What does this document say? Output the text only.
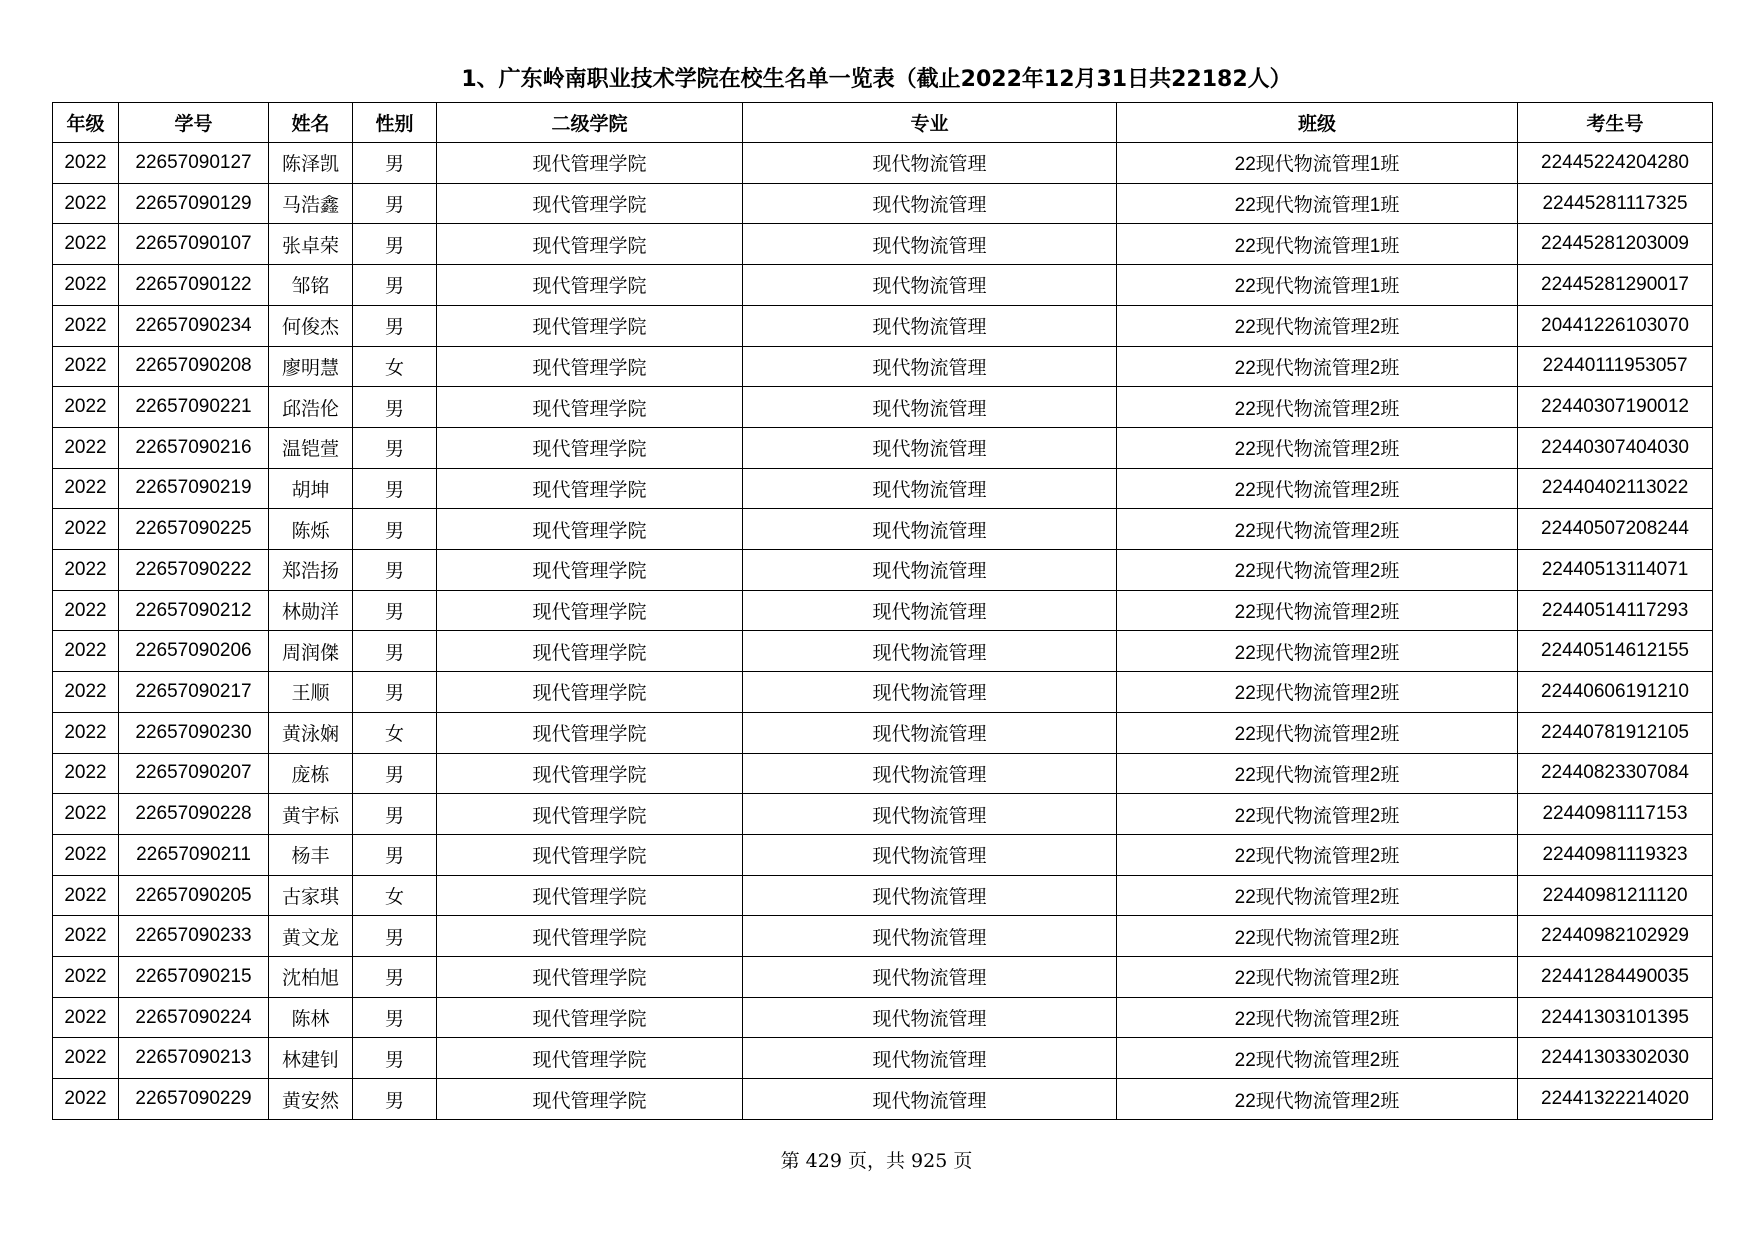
1、广东岭南职业技术学院在校生名单一览表（截止2022年12月31日共22182人）
年级	学号	姓名	性别	二级学院	专业	班级	考生号
2022	22657090127	陈泽凯	男	现代管理学院	现代物流管理	22现代物流管理1班	22445224204280
2022	22657090129	马浩鑫	男	现代管理学院	现代物流管理	22现代物流管理1班	22445281117325
2022	22657090107	张卓荣	男	现代管理学院	现代物流管理	22现代物流管理1班	22445281203009
2022	22657090122	邹铭	男	现代管理学院	现代物流管理	22现代物流管理1班	22445281290017
2022	22657090234	何俊杰	男	现代管理学院	现代物流管理	22现代物流管理2班	20441226103070
2022	22657090208	廖明慧	女	现代管理学院	现代物流管理	22现代物流管理2班	22440111953057
2022	22657090221	邱浩伦	男	现代管理学院	现代物流管理	22现代物流管理2班	22440307190012
2022	22657090216	温铠萱	男	现代管理学院	现代物流管理	22现代物流管理2班	22440307404030
2022	22657090219	胡坤	男	现代管理学院	现代物流管理	22现代物流管理2班	22440402113022
2022	22657090225	陈烁	男	现代管理学院	现代物流管理	22现代物流管理2班	22440507208244
2022	22657090222	郑浩扬	男	现代管理学院	现代物流管理	22现代物流管理2班	22440513114071
2022	22657090212	林勋洋	男	现代管理学院	现代物流管理	22现代物流管理2班	22440514117293
2022	22657090206	周润傑	男	现代管理学院	现代物流管理	22现代物流管理2班	22440514612155
2022	22657090217	王顺	男	现代管理学院	现代物流管理	22现代物流管理2班	22440606191210
2022	22657090230	黄泳娴	女	现代管理学院	现代物流管理	22现代物流管理2班	22440781912105
2022	22657090207	庞栋	男	现代管理学院	现代物流管理	22现代物流管理2班	22440823307084
2022	22657090228	黄宇标	男	现代管理学院	现代物流管理	22现代物流管理2班	22440981117153
2022	22657090211	杨丰	男	现代管理学院	现代物流管理	22现代物流管理2班	22440981119323
2022	22657090205	古家琪	女	现代管理学院	现代物流管理	22现代物流管理2班	22440981211120
2022	22657090233	黄文龙	男	现代管理学院	现代物流管理	22现代物流管理2班	22440982102929
2022	22657090215	沈柏旭	男	现代管理学院	现代物流管理	22现代物流管理2班	22441284490035
2022	22657090224	陈林	男	现代管理学院	现代物流管理	22现代物流管理2班	22441303101395
2022	22657090213	林建钊	男	现代管理学院	现代物流管理	22现代物流管理2班	22441303302030
2022	22657090229	黄安然	男	现代管理学院	现代物流管理	22现代物流管理2班	22441322214020
第 429 页，共 925 页
